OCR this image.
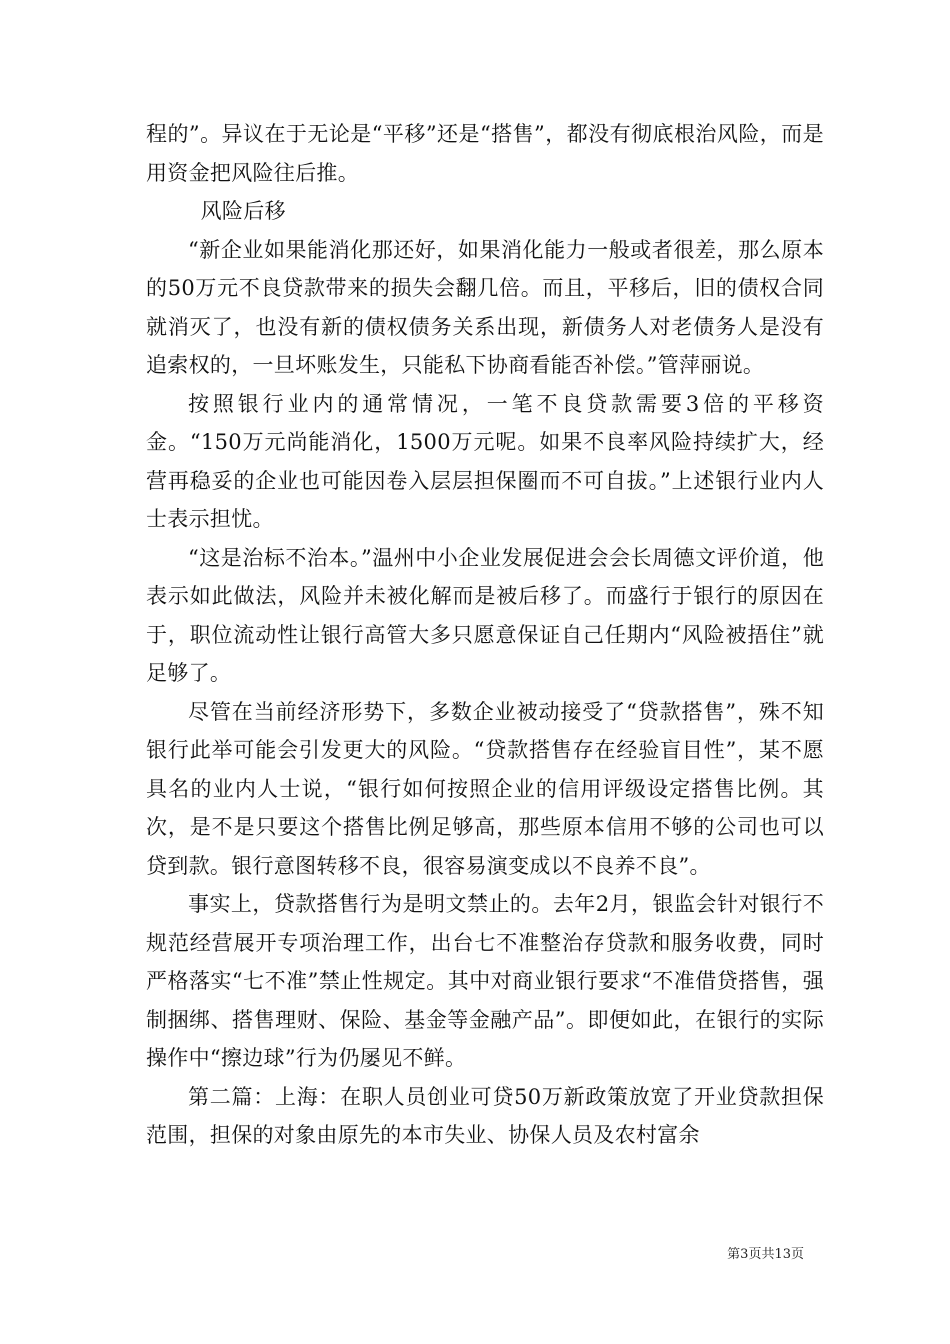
程的”。异议在于无论是“平移”还是“搭售”，都没有彻底根治风险，而是用资金把风险往后推。

风险后移

“新企业如果能消化那还好，如果消化能力一般或者很差，那么原本的50万元不良贷款带来的损失会翻几倍。而且，平移后，旧的债权合同就消灭了，也没有新的债权债务关系出现，新债务人对老债务人是没有追索权的，一旦坏账发生，只能私下协商看能否补偿。”管萍丽说。

按照银行业内的通常情况，一笔不良贷款需要3倍的平移资金。“150万元尚能消化，1500万元呢。如果不良率风险持续扩大，经营再稳妥的企业也可能因卷入层层担保圈而不可自拔。”上述银行业内人士表示担忧。

“这是治标不治本。”温州中小企业发展促进会会长周德文评价道，他表示如此做法，风险并未被化解而是被后移了。而盛行于银行的原因在于，职位流动性让银行高管大多只愿意保证自己任期内“风险被捂住”就足够了。

尽管在当前经济形势下，多数企业被动接受了“贷款搭售”，殊不知银行此举可能会引发更大的风险。“贷款搭售存在经验盲目性”，某不愿具名的业内人士说，“银行如何按照企业的信用评级设定搭售比例。其次，是不是只要这个搭售比例足够高，那些原本信用不够的公司也可以贷到款。银行意图转移不良，很容易演变成以不良养不良”。

事实上，贷款搭售行为是明文禁止的。去年2月，银监会针对银行不规范经营展开专项治理工作，出台七不准整治存贷款和服务收费，同时严格落实“七不准”禁止性规定。其中对商业银行要求“不准借贷搭售，强制捆绑、搭售理财、保险、基金等金融产品”。即便如此，在银行的实际操作中“擦边球”行为仍屡见不鲜。

第二篇：上海：在职人员创业可贷50万新政策放宽了开业贷款担保范围，担保的对象由原先的本市失业、协保人员及农村富余

第3页共13页
